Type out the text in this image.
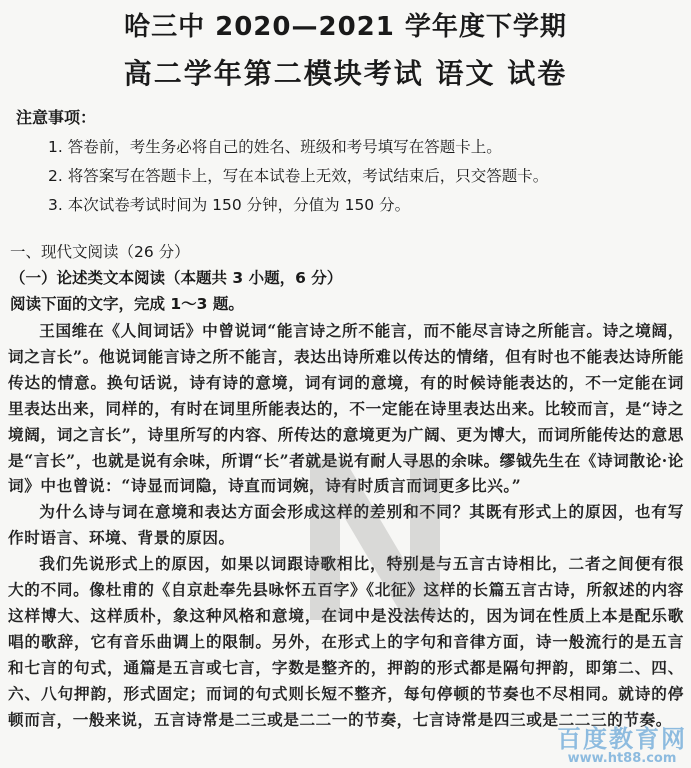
哈三中 2020—2021 学年度下学期
高二学年第二模块考试 语文 试卷
注意事项：
1. 答卷前，考生务必将自己的姓名、班级和考号填写在答题卡上。
2. 将答案写在答题卡上，写在本试卷上无效，考试结束后，只交答题卡。
3. 本次试卷考试时间为 150 分钟，分值为 150 分。
一、现代文阅读（26 分）
（一）论述类文本阅读（本题共 3 小题，6 分）
阅读下面的文字，完成 1～3 题。

王国维在《人间词话》中曾说词“能言诗之所不能言，而不能尽言诗之所能言。诗之境阔，词之言长”。他说词能言诗之所不能言，表达出诗所难以传达的情绪，但有时也不能表达诗所能传达的情意。换句话说，诗有诗的意境，词有词的意境，有的时候诗能表达的，不一定能在词里表达出来，同样的，有时在词里所能表达的，不一定能在诗里表达出来。比较而言，是“诗之境阔，词之言长”，诗里所写的内容、所传达的意境更为广阔、更为博大，而词所能传达的意思是“言长”，也就是说有余味，所谓“长”者就是说有耐人寻思的余味。缪钺先生在《诗词散论·论词》中也曾说：“诗显而词隐，诗直而词婉，诗有时质言而词更多比兴。”

为什么诗与词在意境和表达方面会形成这样的差别和不同？其既有形式上的原因，也有写作时语言、环境、背景的原因。

我们先说形式上的原因，如果以词跟诗歌相比，特别是与五言古诗相比，二者之间便有很大的不同。像杜甫的《自京赴奉先县咏怀五百字》《北征》这样的长篇五言古诗，所叙述的内容这样博大、这样质朴，象这种风格和意境，在词中是没法传达的，因为词在性质上本是配乐歌唱的歌辞，它有音乐曲调上的限制。另外，在形式上的字句和音律方面，诗一般流行的是五言和七言的句式，通篇是五言或七言，字数是整齐的，押韵的形式都是隔句押韵，即第二、四、六、八句押韵，形式固定；而词的句式则长短不整齐，每句停顿的节奏也不尽相同。就诗的停顿而言，一般来说，五言诗常是二三或是二二一的节奏，七言诗常是四三或是二二三的节奏。

百度教育网
www.ht88.com
